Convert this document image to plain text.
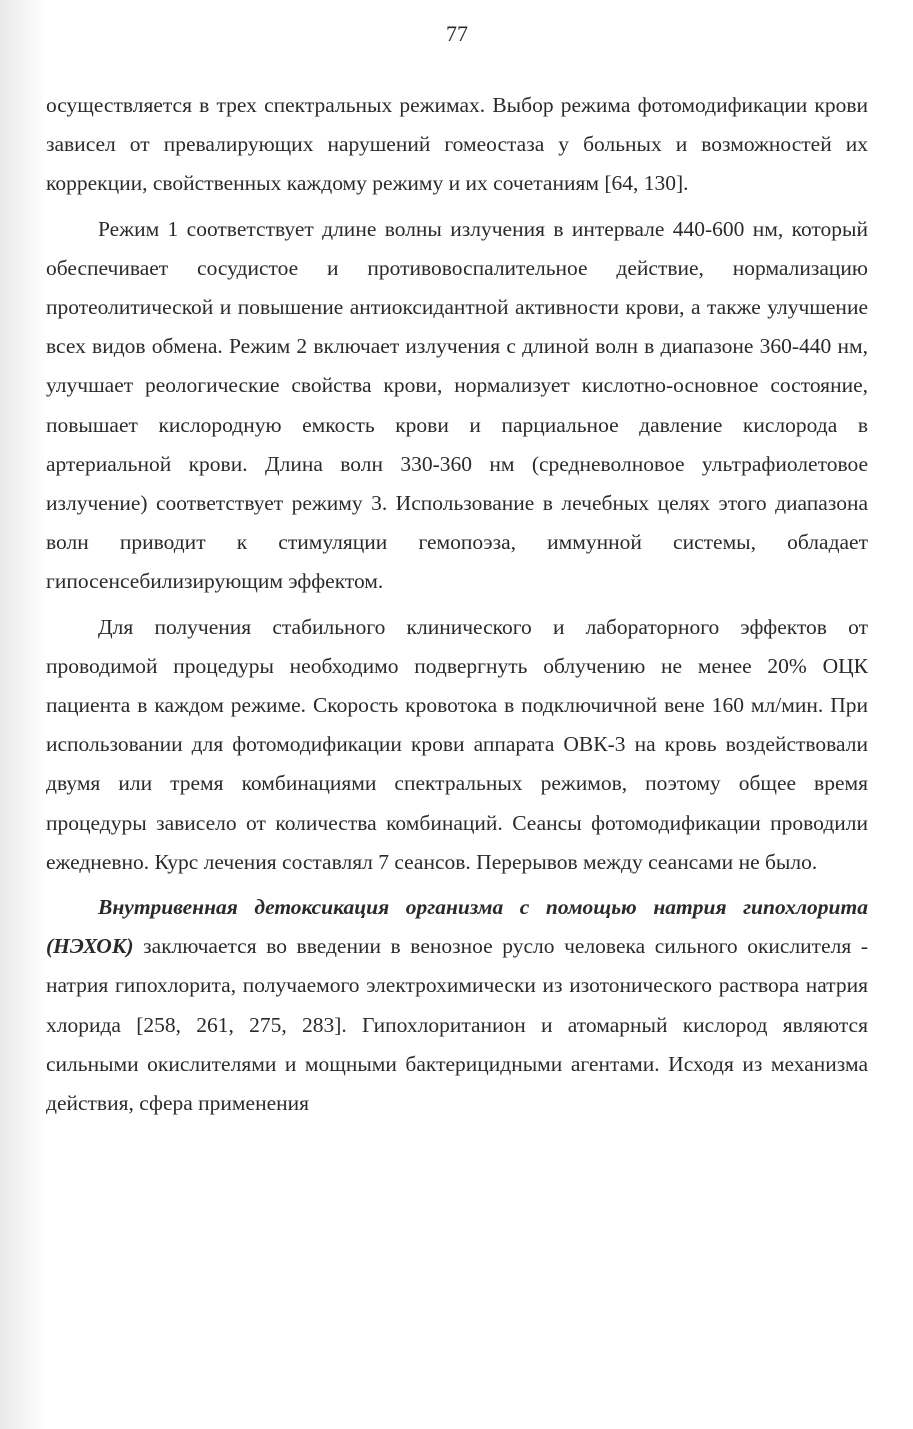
77

осуществляется в трех спектральных режимах. Выбор режима фотомодификации крови зависел от превалирующих нарушений гомеостаза у больных и возможностей их коррекции, свойственных каждому режиму и их сочетаниям [64, 130].

Режим 1 соответствует длине волны излучения в интервале 440-600 нм, который обеспечивает сосудистое и противовоспалительное действие, нормализацию протеолитической и повышение антиоксидантной активности крови, а также улучшение всех видов обмена. Режим 2 включает излучения с длиной волн в диапазоне 360-440 нм, улучшает реологические свойства крови, нормализует кислотно-основное состояние, повышает кислородную емкость крови и парциальное давление кислорода в артериальной крови. Длина волн 330-360 нм (средневолновое ультрафиолетовое излучение) соответствует режиму 3. Использование в лечебных целях этого диапазона волн приводит к стимуляции гемопоэза, иммунной системы, обладает гипосенсебилизирующим эффектом.

Для получения стабильного клинического и лабораторного эффектов от проводимой процедуры необходимо подвергнуть облучению не менее 20% ОЦК пациента в каждом режиме. Скорость кровотока в подключичной вене 160 мл/мин. При использовании для фотомодификации крови аппарата ОВК-3 на кровь воздействовали двумя или тремя комбинациями спектральных режимов, поэтому общее время процедуры зависело от количества комбинаций. Сеансы фотомодификации проводили ежедневно. Курс лечения составлял 7 сеансов. Перерывов между сеансами не было.

Внутривенная детоксикация организма с помощью натрия гипохлорита (НЭХОК) заключается во введении в венозное русло человека сильного окислителя - натрия гипохлорита, получаемого электрохимически из изотонического раствора натрия хлорида [258, 261, 275, 283]. Гипохлоританион и атомарный кислород являются сильными окислителями и мощными бактерицидными агентами. Исходя из механизма действия, сфера применения
